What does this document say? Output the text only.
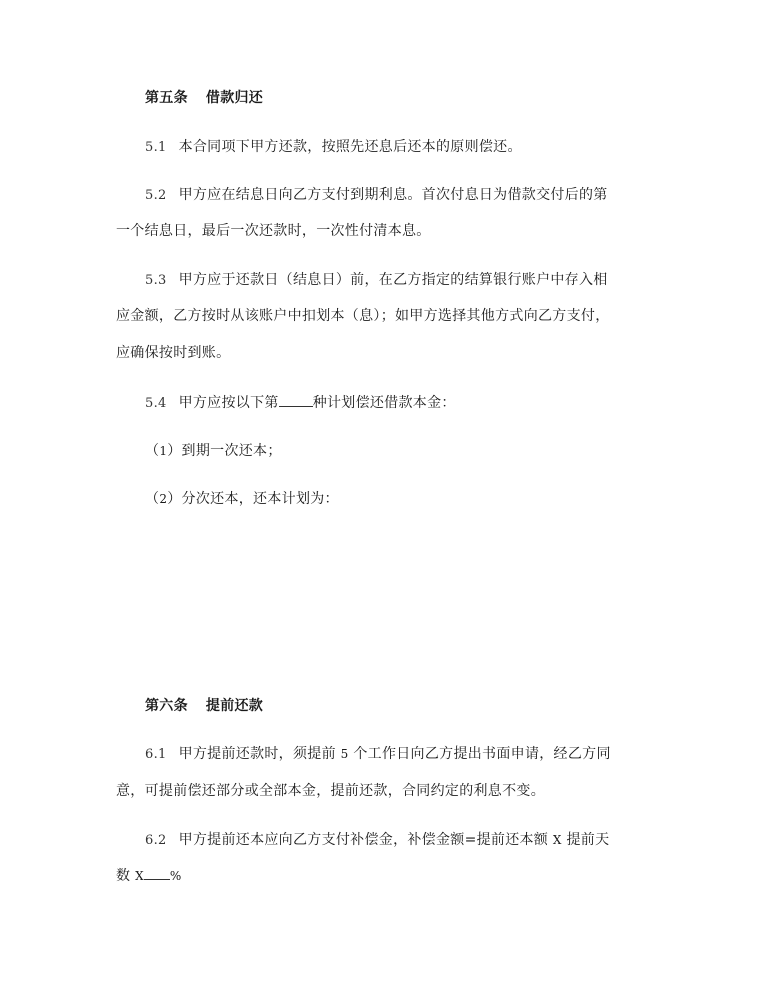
第五条 借款归还
5.1 本合同项下甲方还款，按照先还息后还本的原则偿还。
5.2 甲方应在结息日向乙方支付到期利息。首次付息日为借款交付后的第
一个结息日，最后一次还款时，一次性付清本息。
5.3 甲方应于还款日（结息日）前，在乙方指定的结算银行账户中存入相
应金额，乙方按时从该账户中扣划本（息）；如甲方选择其他方式向乙方支付，
应确保按时到账。
5.4 甲方应按以下第 种计划偿还借款本金：
（1）到期一次还本；
（2）分次还本，还本计划为：
第六条 提前还款
6.1 甲方提前还款时，须提前 5 个工作日向乙方提出书面申请，经乙方同
意，可提前偿还部分或全部本金，提前还款，合同约定的利息不变。
6.2 甲方提前还本应向乙方支付补偿金，补偿金额=提前还本额 X 提前天
数 X %
